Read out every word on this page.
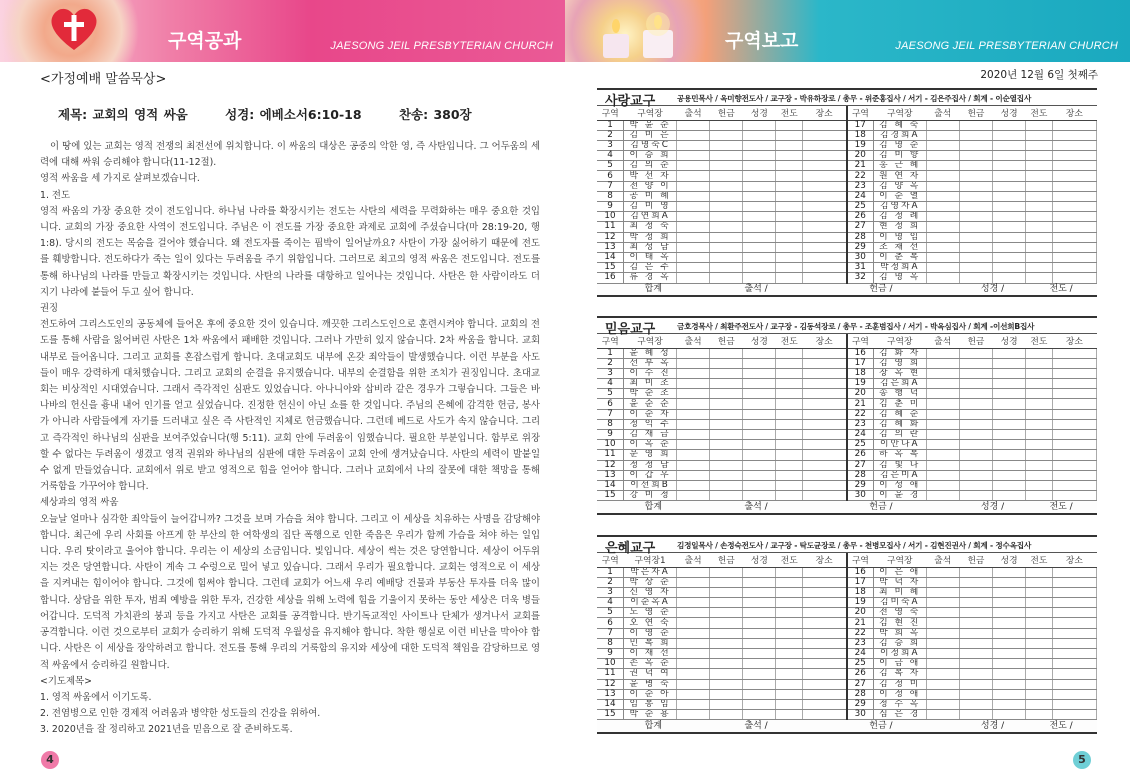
구역공과	JAESONG JEIL PRESBYTERIAN CHURCH	구역보고	JAESONG JEIL PRESBYTERIAN CHURCH
<가정예배 말씀묵상>
제목: 교회의 영적 싸움	성경: 에베소서6:10-18	찬송: 380장

이 땅에 있는 교회는 영적 전쟁의 최전선에 위치합니다. 이 싸움의 대상은 공중의 악한 영, 즉 사탄입니다. 그 어두움의 세력에 대해 싸워 승리해야 합니다(11-12절).

영적 싸움을 세 가지로 살펴보겠습니다.

1. 전도

영적 싸움의 가장 중요한 것이 전도입니다. 하나님 나라를 확장시키는 전도는 사탄의 세력을 무력화하는 매우 중요한 것입니다. 교회의 가장 중요한 사역이 전도입니다. 주님은 이 전도를 가장 중요한 과제로 교회에 주셨습니다(마 28:19-20, 행1:8). 당시의 전도는 목숨을 걸어야 했습니다. 왜 전도자를 죽이는 핍박이 일어날까요? 사탄이 가장 싫어하기 때문에 전도를 훼방합니다. 전도하다가 죽는 일이 있다는 두려움을 주기 위함입니다. 그러므로 최고의 영적 싸움은 전도입니다. 전도를 통해 하나님의 나라를 만들고 확장시키는 것입니다. 사탄의 나라를 대항하고 일어나는 것입니다. 사탄은 한 사람이라도 더 지기 나라에 붙들어 두고 싶어 합니다.

권징

전도하여 그리스도인의 공동체에 들어온 후에 중요한 것이 있습니다. 깨끗한 그리스도인으로 훈련시켜야 합니다. 교회의 전도를 통해 사람을 잃어버린 사탄은 1차 싸움에서 패배한 것입니다. 그러나 가만히 있지 않습니다. 2차 싸움을 합니다. 교회 내부로 들어옵니다. 그리고 교회를 혼잡스럽게 합니다. 초대교회도 내부에 온갖 죄악들이 발생했습니다. 이런 부분을 사도들이 매우 강력하게 대처했습니다. 그리고 교회의 순결을 유지했습니다. 내부의 순결함을 위한 조치가 권징입니다. 초대교회는 비상적인 시대였습니다. 그래서 즉각적인 심판도 있었습니다. 아나니아와 삽비라 같은 경우가 그렇습니다. 그들은 바나바의 헌신을 흉내 내어 인기를 얻고 싶었습니다. 진정한 헌신이 아닌 쇼를 한 것입니다. 주님의 은혜에 감격한 헌금, 봉사가 아니라 사람들에게 자기를 드러내고 싶은 즉 사탄적인 지체로 헌금했습니다. 그런데 베드로 사도가 속지 않습니다. 그리고 즉각적인 하나님의 심판을 보여주었습니다(행 5:11). 교회 안에 두려움이 임했습니다. 필요한 부분입니다. 함부로 위장할 수 없다는 두려움이 생겼고 영적 권위와 하나님의 심판에 대한 두려움이 교회 안에 생겨났습니다. 사탄의 세력이 발붙일 수 없게 만들었습니다. 교회에서 위로 받고 영적으로 힘을 얻어야 합니다. 그러나 교회에서 나의 잘못에 대한 책망을 통해 거룩함을 가꾸어야 합니다.

세상과의 영적 싸움

오늘날 얼마나 심각한 죄악들이 늘어갑니까? 그것을 보며 가슴을 쳐야 합니다. 그리고 이 세상을 치유하는 사명을 감당해야 합니다. 최근에 우리 사회를 아프게 한 부산의 한 여학생의 집단 폭행으로 인한 죽음은 우리가 함께 가슴을 쳐야 하는 일입니다. 우리 탓이라고 울어야 합니다. 우리는 이 세상의 소금입니다. 빛입니다. 세상이 썩는 것은 당연합니다. 세상이 어두위지는 것은 당연합니다. 사탄이 계속 그 수렁으로 밀어 넣고 있습니다. 그래서 우리가 필요합니다. 교회는 영적으로 이 세상을 지켜내는 힘이어야 합니다. 그것에 힘써야 합니다. 그런데 교회가 어느새 우리 예배당 건물과 부동산 투자를 더욱 많이 합니다. 상담을 위한 투자, 범죄 예방을 위한 투자, 건강한 세상을 위해 노력에 힘을 기울이지 못하는 동안 세상은 더욱 병들어갑니다. 도덕적 가치관의 붕괴 등을 가지고 사탄은 교회를 공격합니다. 반기독교적인 사이트나 단체가 생겨나서 교회를 공격합니다. 이런 것으로부터 교회가 승리하기 위해 도덕적 우월성을 유지해야 합니다. 착한 행실로 이런 비난을 막아야 합니다. 사탄은 이 세상을 장악하려고 합니다. 전도를 통해 우리의 거룩함의 유지와 세상에 대한 도덕적 책임을 감당하므로 영적 싸움에서 승리하길 원합니다.

<기도제목>

1. 영적 싸움에서 이기도록.

2. 전염병으로 인한 경제적 어려움과 병약한 성도들의 건강을 위하여.

3. 2020년을 잘 정리하고 2021년을 믿음으로 잘 준비하도록.

4
2020년 12월 6일 첫째주
사랑교구	공용민목사 / 옥미향전도사 / 교구장 - 박유하장로 / 총무 - 위준홍집사 / 서기 - 김은주집사 / 회계 - 이순열집사
구역	구역장	출석	헌금	성경	전도	장소	구역	구역장	출석	헌금	성경	전도	장소
1	박 윤 순						17	김 혜 숙					
2	김 미 은						18	김경희A					
3	김명숙C						19	김 명 순					
4	이 승 희						20	김 미 향					
5	김 의 순						21	홍 근 혜					
6	박 선 자						22	원 연 자					
7	전 양 이						23	김 양 옥					
8	공 미 혜						24	이 순 열					
9	김 미 영						25	김영자A					
10	김연희A						26	김 정 례					
11	최 정 숙						27	현 정 희					
12	박 정 희						28	이 명 임					
13	최 성 남						29	조 채 선					
14	이 태 옥						30	이 춘 복					
15	김 은 주						31	박정희A					
16	류 경 옥						32	김 명 옥					
합계			출석 /			헌금 /				성경 /		전도 /	
믿음교구	금호경목사 / 최환주전도사 / 교구장 - 김동석장로 / 총무 - 조훈범집사 / 서기 - 박옥심집사 / 회계 -이선희B집사
구역	구역장	출석	헌금	성경	전도	장소	구역	구역장	출석	헌금	성경	전도	장소
1	윤 혜 성						16	김 화 자					
2	선 부 옥						17	김 영 희					
3	이 수 진						18	장 옥 현					
4	최 미 조						19	김은희A					
5	박 순 조						20	송 행 덕					
6	윤 순 순						21	김 춘 미					
7	이 순 자						22	김 혜 순					
8	정 익 주						23	김 혜 화					
9	김 재 금						24	김 의 란					
10	이 옥 순						25	이안나A					
11	문 영 희						26	하 옥 복					
12	정 정 남						27	김 빛 나					
13	이 갑 우						28	김은미A					
14	이선희B						29	이 성 애					
15	강 미 정						30	이 윤 경					
합계			출석 /			헌금 /				성경 /		전도 /	
은혜교구	김정일목사 / 손정숙전도사 / 교구장 - 탁도균장로 / 총무 - 천병모집사 / 서기 - 김현진권사 / 회계 - 정수옥집사
구역	구역장1	출석	헌금	성경	전도	장소	구역	구역장	출석	헌금	성경	전도	장소
1	박은자A						16	이 은 애					
2	박 상 순						17	박 덕 자					
3	신 영 자						18	최 미 혜					
4	이순옥A						19	김미숙A					
5	노 영 순						20	전 영 숙					
6	오 연 숙						21	김 현 진					
7	이 영 순						22	박 희 옥					
8	민 복 희						23	김 승 희					
9	이 재 선						24	이정희A					
10	손 옥 순						25	이 금 애					
11	권 덕 여						26	김 복 자					
12	윤 병 숙						27	김 정 미					
13	이 순 아						28	이 정 애					
14	임 봉 임						29	정 수 옥					
15	박 순 용						30	심 은 경					
합계			출석 /			헌금 /				성경 /		전도 /	
5
